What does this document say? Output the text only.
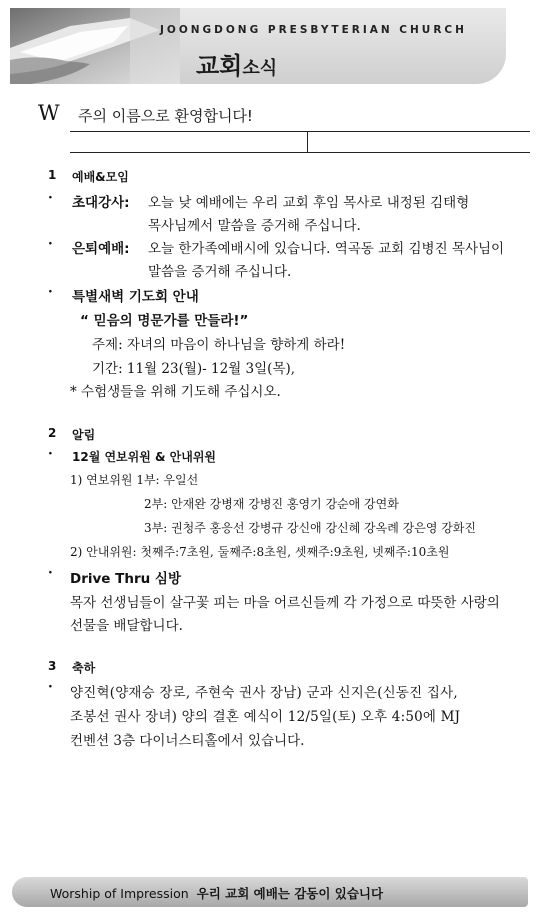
JOONGDONG PRESBYTERIAN CHURCH
교회소식
W 주의 이름으로 환영합니다!
1 예배&모임
· 초대강사: 오늘 낮 예배에는 우리 교회 후임 목사로 내정된 김태형
목사님께서 말씀을 증거해 주십니다.
· 은퇴예배: 오늘 한가족예배시에 있습니다. 역곡동 교회 김병진 목사님이
말씀을 증거해 주십니다.
· 특별새벽 기도회 안내
“ 믿음의 명문가를 만들라!”
주제: 자녀의 마음이 하나님을 향하게 하라!
기간: 11월 23(월)- 12월 3일(목),
* 수험생들을 위해 기도해 주십시오.
2 알림
· 12월 연보위원 & 안내위원
1) 연보위원 1부: 우일선
2부: 안재완 강병재 강병진 홍영기 강순애 강연화
3부: 권청주 홍응선 강병규 강신애 강신혜 강옥례 강은영 강화진
2) 안내위원: 첫째주:7초원, 둘째주:8초원, 셋째주:9초원, 넷째주:10초원
· Drive Thru 심방
목자 선생님들이 살구꽃 피는 마을 어르신들께 각 가정으로 따뜻한 사랑의
선물을 배달합니다.
3 축하
· 양진혁(양재승 장로, 주현숙 권사 장남) 군과 신지은(신동진 집사,
조봉선 권사 장녀) 양의 결혼 예식이 12/5일(토) 오후 4:50에 MJ
컨벤션 3층 다이너스티홀에서 있습니다.
Worship of Impression 우리 교회 예배는 감동이 있습니다
